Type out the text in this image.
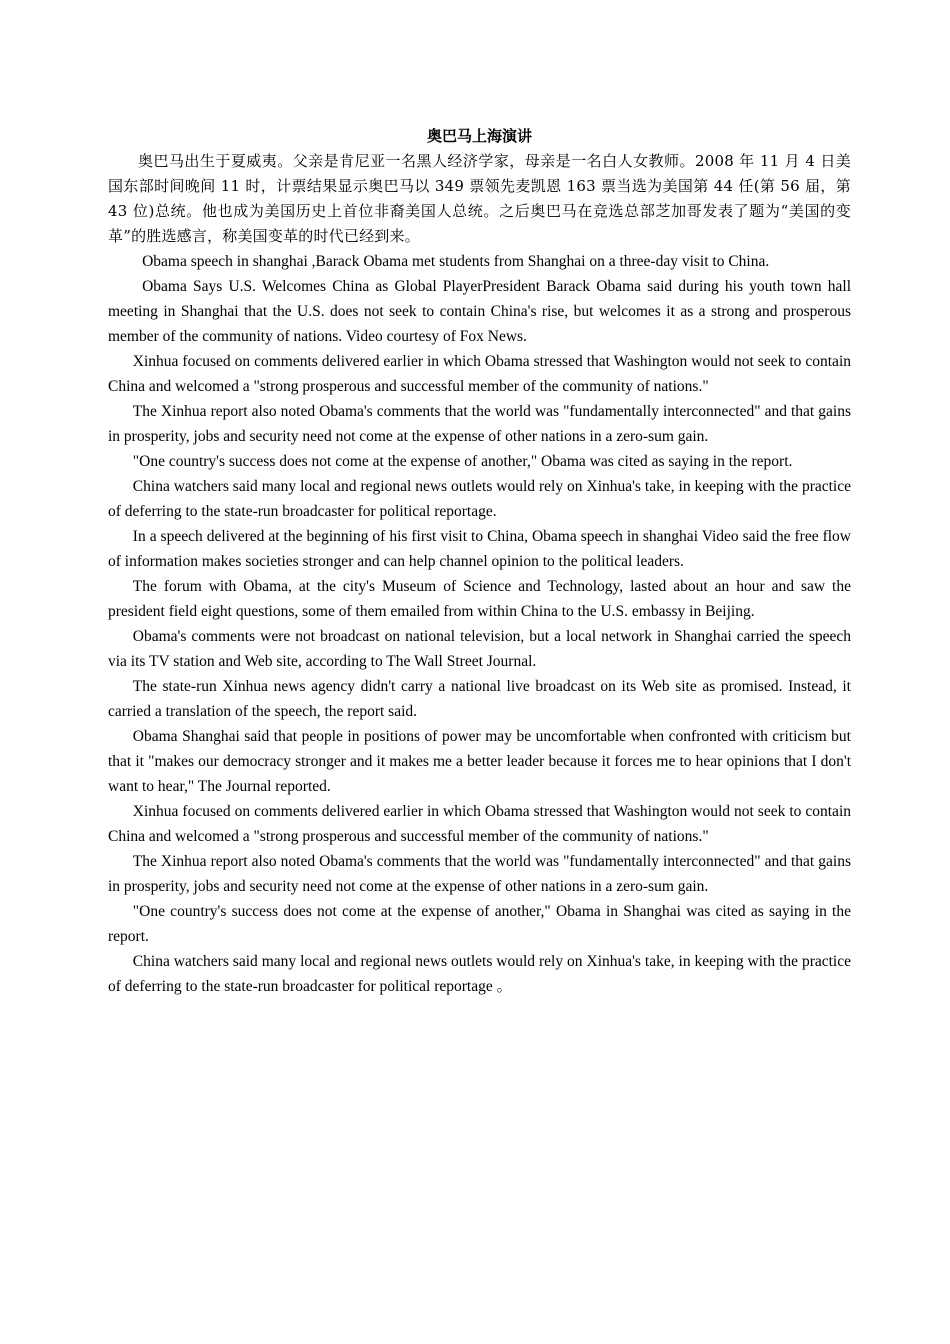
奥巴马上海演讲

奥巴马出生于夏威夷。父亲是肯尼亚一名黑人经济学家，母亲是一名白人女教师。2008 年 11 月 4 日美国东部时间晚间 11 时，计票结果显示奥巴马以 349 票领先麦凯恩 163 票当选为美国第 44 任(第 56 届，第 43 位)总统。他也成为美国历史上首位非裔美国人总统。之后奥巴马在竞选总部芝加哥发表了题为“美国的变革”的胜选感言，称美国变革的时代已经到来。

Obama speech in shanghai ,Barack Obama met students from Shanghai on a three-day visit to China.

Obama Says U.S. Welcomes China as Global PlayerPresident Barack Obama said during his youth town hall meeting in Shanghai that the U.S. does not seek to contain China's rise, but welcomes it as a strong and prosperous member of the community of nations. Video courtesy of Fox News.

Xinhua focused on comments delivered earlier in which Obama stressed that Washington would not seek to contain China and welcomed a "strong prosperous and successful member of the community of nations."

The Xinhua report also noted Obama's comments that the world was "fundamentally interconnected" and that gains in prosperity, jobs and security need not come at the expense of other nations in a zero-sum gain.

"One country's success does not come at the expense of another," Obama was cited as saying in the report.

China watchers said many local and regional news outlets would rely on Xinhua's take, in keeping with the practice of deferring to the state-run broadcaster for political reportage.

In a speech delivered at the beginning of his first visit to China, Obama speech in shanghai Video said the free flow of information makes societies stronger and can help channel opinion to the political leaders.

The forum with Obama, at the city's Museum of Science and Technology, lasted about an hour and saw the president field eight questions, some of them emailed from within China to the U.S. embassy in Beijing.

Obama's comments were not broadcast on national television, but a local network in Shanghai carried the speech via its TV station and Web site, according to The Wall Street Journal.

The state-run Xinhua news agency didn't carry a national live broadcast on its Web site as promised. Instead, it carried a translation of the speech, the report said.

Obama Shanghai said that people in positions of power may be uncomfortable when confronted with criticism but that it "makes our democracy stronger and it makes me a better leader because it forces me to hear opinions that I don't want to hear," The Journal reported.

Xinhua focused on comments delivered earlier in which Obama stressed that Washington would not seek to contain China and welcomed a "strong prosperous and successful member of the community of nations."

The Xinhua report also noted Obama's comments that the world was "fundamentally interconnected" and that gains in prosperity, jobs and security need not come at the expense of other nations in a zero-sum gain.

"One country's success does not come at the expense of another," Obama in Shanghai was cited as saying in the report.

China watchers said many local and regional news outlets would rely on Xinhua's take, in keeping with the practice of deferring to the state-run broadcaster for political reportage 。
